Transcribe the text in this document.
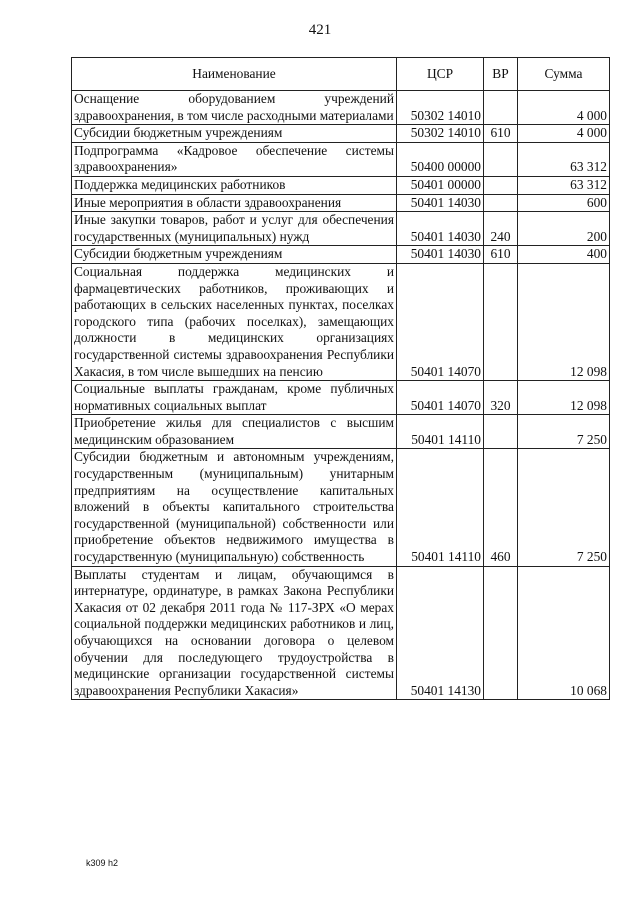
421
Наименование	ЦСР	ВР	Сумма
Оснащение оборудованием учреждений здравоохранения, в том числе расходными материалами	50302 14010		4 000
Субсидии бюджетным учреждениям	50302 14010	610	4 000
Подпрограмма «Кадровое обеспечение системы здравоохранения»	50400 00000		63 312
Поддержка медицинских работников	50401 00000		63 312
Иные мероприятия в области здравоохранения	50401 14030		600
Иные закупки товаров, работ и услуг для обеспечения государственных (муниципальных) нужд	50401 14030	240	200
Субсидии бюджетным учреждениям	50401 14030	610	400
Социальная поддержка медицинских и фармацевтических работников, проживающих и работающих в сельских населенных пунктах, поселках городского типа (рабочих поселках), замещающих должности в медицинских организациях государственной системы здравоохранения Республики Хакасия, в том числе вышедших на пенсию	50401 14070		12 098
Социальные выплаты гражданам, кроме публичных нормативных социальных выплат	50401 14070	320	12 098
Приобретение жилья для специалистов с высшим медицинским образованием	50401 14110		7 250
Субсидии бюджетным и автономным учреждениям, государственным (муниципальным) унитарным предприятиям на осуществление капитальных вложений в объекты капитального строительства государственной (муниципальной) собственности или приобретение объектов недвижимого имущества в государственную (муниципальную) собственность	50401 14110	460	7 250
Выплаты студентам и лицам, обучающимся в интернатуре, ординатуре, в рамках Закона Республики Хакасия от 02 декабря 2011 года № 117-ЗРХ «О мерах социальной поддержки медицинских работников и лиц, обучающихся на основании договора о целевом обучении для последующего трудоустройства в медицинские организации государственной системы здравоохранения Республики Хакасия»	50401 14130		10 068
k309 h2
